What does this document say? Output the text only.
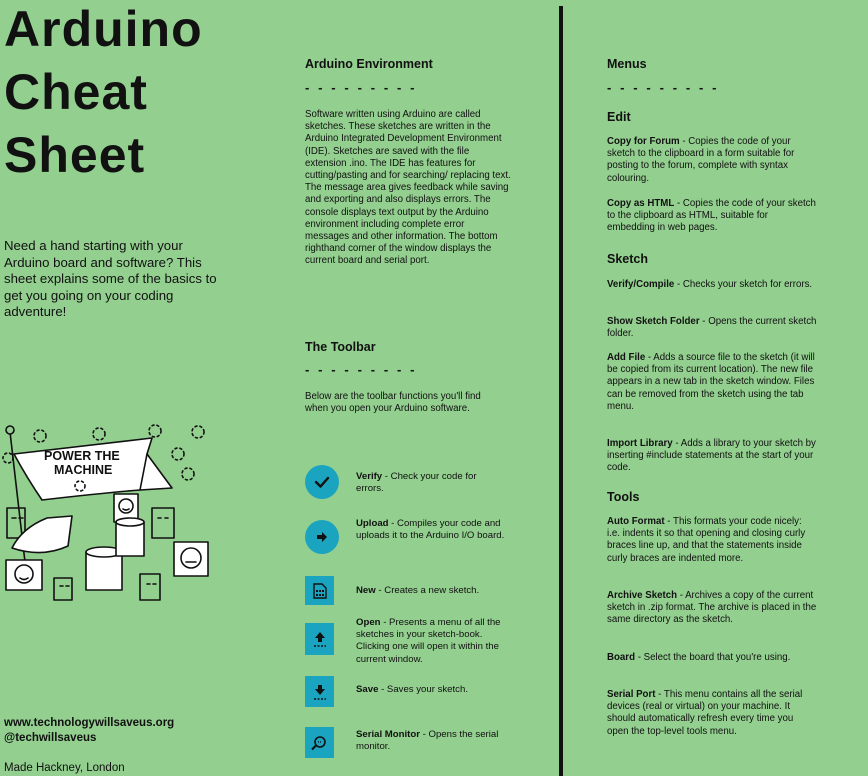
Arduino
Cheat
Sheet
Need a hand starting with your Arduino board and software? This sheet explains some of the basics to get you going on your coding adventure!
POWER THE
MACHINE
www.technologywillsaveus.org
@techwillsaveus
Made Hackney, London
Arduino Environment
- - - - - - - - -
Software written using Arduino are called sketches. These sketches are written in the Arduino Integrated Development Environment (IDE). Sketches are saved with the file extension .ino. The IDE has features for cutting/pasting and for searching/ replacing text. The message area gives feedback while saving and exporting and also displays errors. The console displays text output by the Arduino environment including complete error messages and other information. The bottom righthand corner of the window displays the current board and serial port.
The Toolbar
- - - - - - - - -
Below are the toolbar functions you'll find when you open your Arduino software.
Verify - Check your code for errors.
Upload - Compiles your code and uploads it to the Arduino I/O board.
New - Creates a new sketch.
Open - Presents a menu of all the sketches in your sketch-book. Clicking one will open it within the current window.
Save - Saves your sketch.
Serial Monitor - Opens the serial monitor.
Menus
- - - - - - - - -
Edit
Copy for Forum - Copies the code of your sketch to the clipboard in a form suitable for posting to the forum, complete with syntax colouring.
Copy as HTML - Copies the code of your sketch to the clipboard as HTML, suitable for embedding in web pages.
Sketch
Verify/Compile - Checks your sketch for errors.
Show Sketch Folder - Opens the current sketch folder.
Add File - Adds a source file to the sketch (it will be copied from its current location). The new file appears in a new tab in the sketch window. Files can be removed from the sketch using the tab menu.
Import Library - Adds a library to your sketch by inserting #include statements at the start of your code.
Tools
Auto Format - This formats your code nicely: i.e. indents it so that opening and closing curly braces line up, and that the statements inside curly braces are indented more.
Archive Sketch - Archives a copy of the current sketch in .zip format. The archive is placed in the same directory as the sketch.
Board - Select the board that you're using.
Serial Port - This menu contains all the serial devices (real or virtual) on your machine. It should automatically refresh every time you open the top-level tools menu.
